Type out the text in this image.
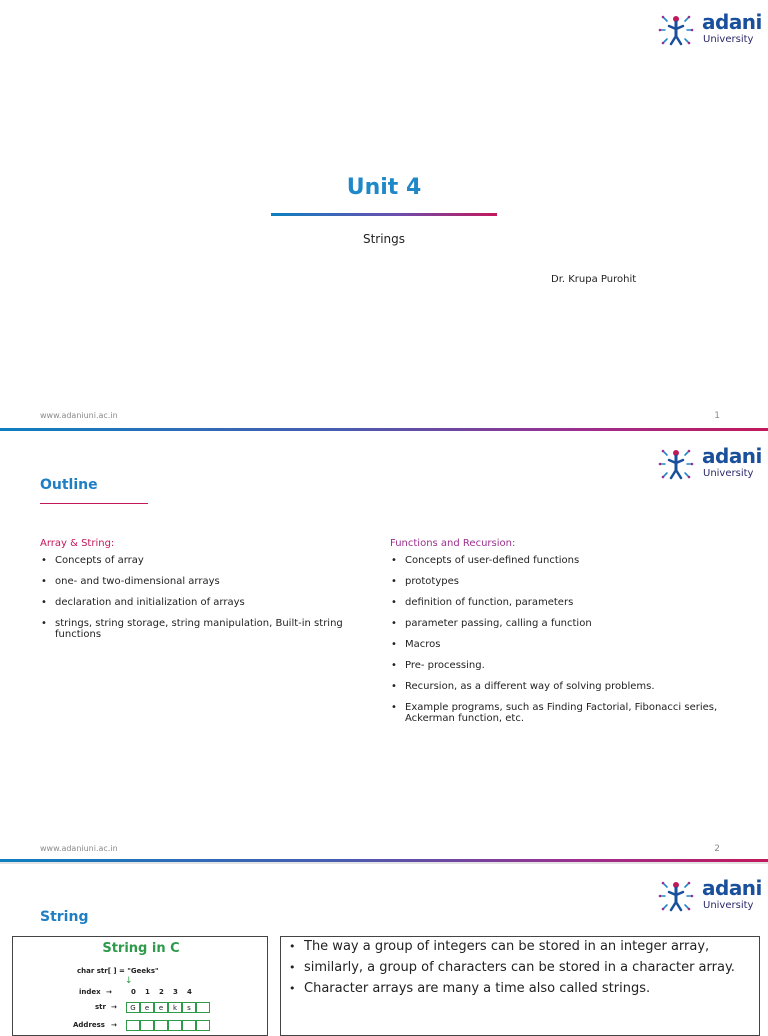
adani
University
Unit 4
Strings
Dr. Krupa Purohit
www.adaniuni.ac.in	1
adani
University
Outline
Array & String:
• Concepts of array
• one- and two-dimensional arrays
• declaration and initialization of arrays
• strings, string storage, string manipulation, Built-in string functions
Functions and Recursion:
• Concepts of user-defined functions
• prototypes
• definition of function, parameters
• parameter passing, calling a function
• Macros
• Pre- processing.
• Recursion, as a different way of solving problems.
• Example programs, such as Finding Factorial, Fibonacci series, Ackerman function, etc.
www.adaniuni.ac.in	2
adani
University
String
String in C
char str[ ] = "Geeks"
↓
index →
str →
Address →
0 1 2 3 4
G	e	e	k	s
• The way a group of integers can be stored in an integer array,
• similarly, a group of characters can be stored in a character array.
• Character arrays are many a time also called strings.
